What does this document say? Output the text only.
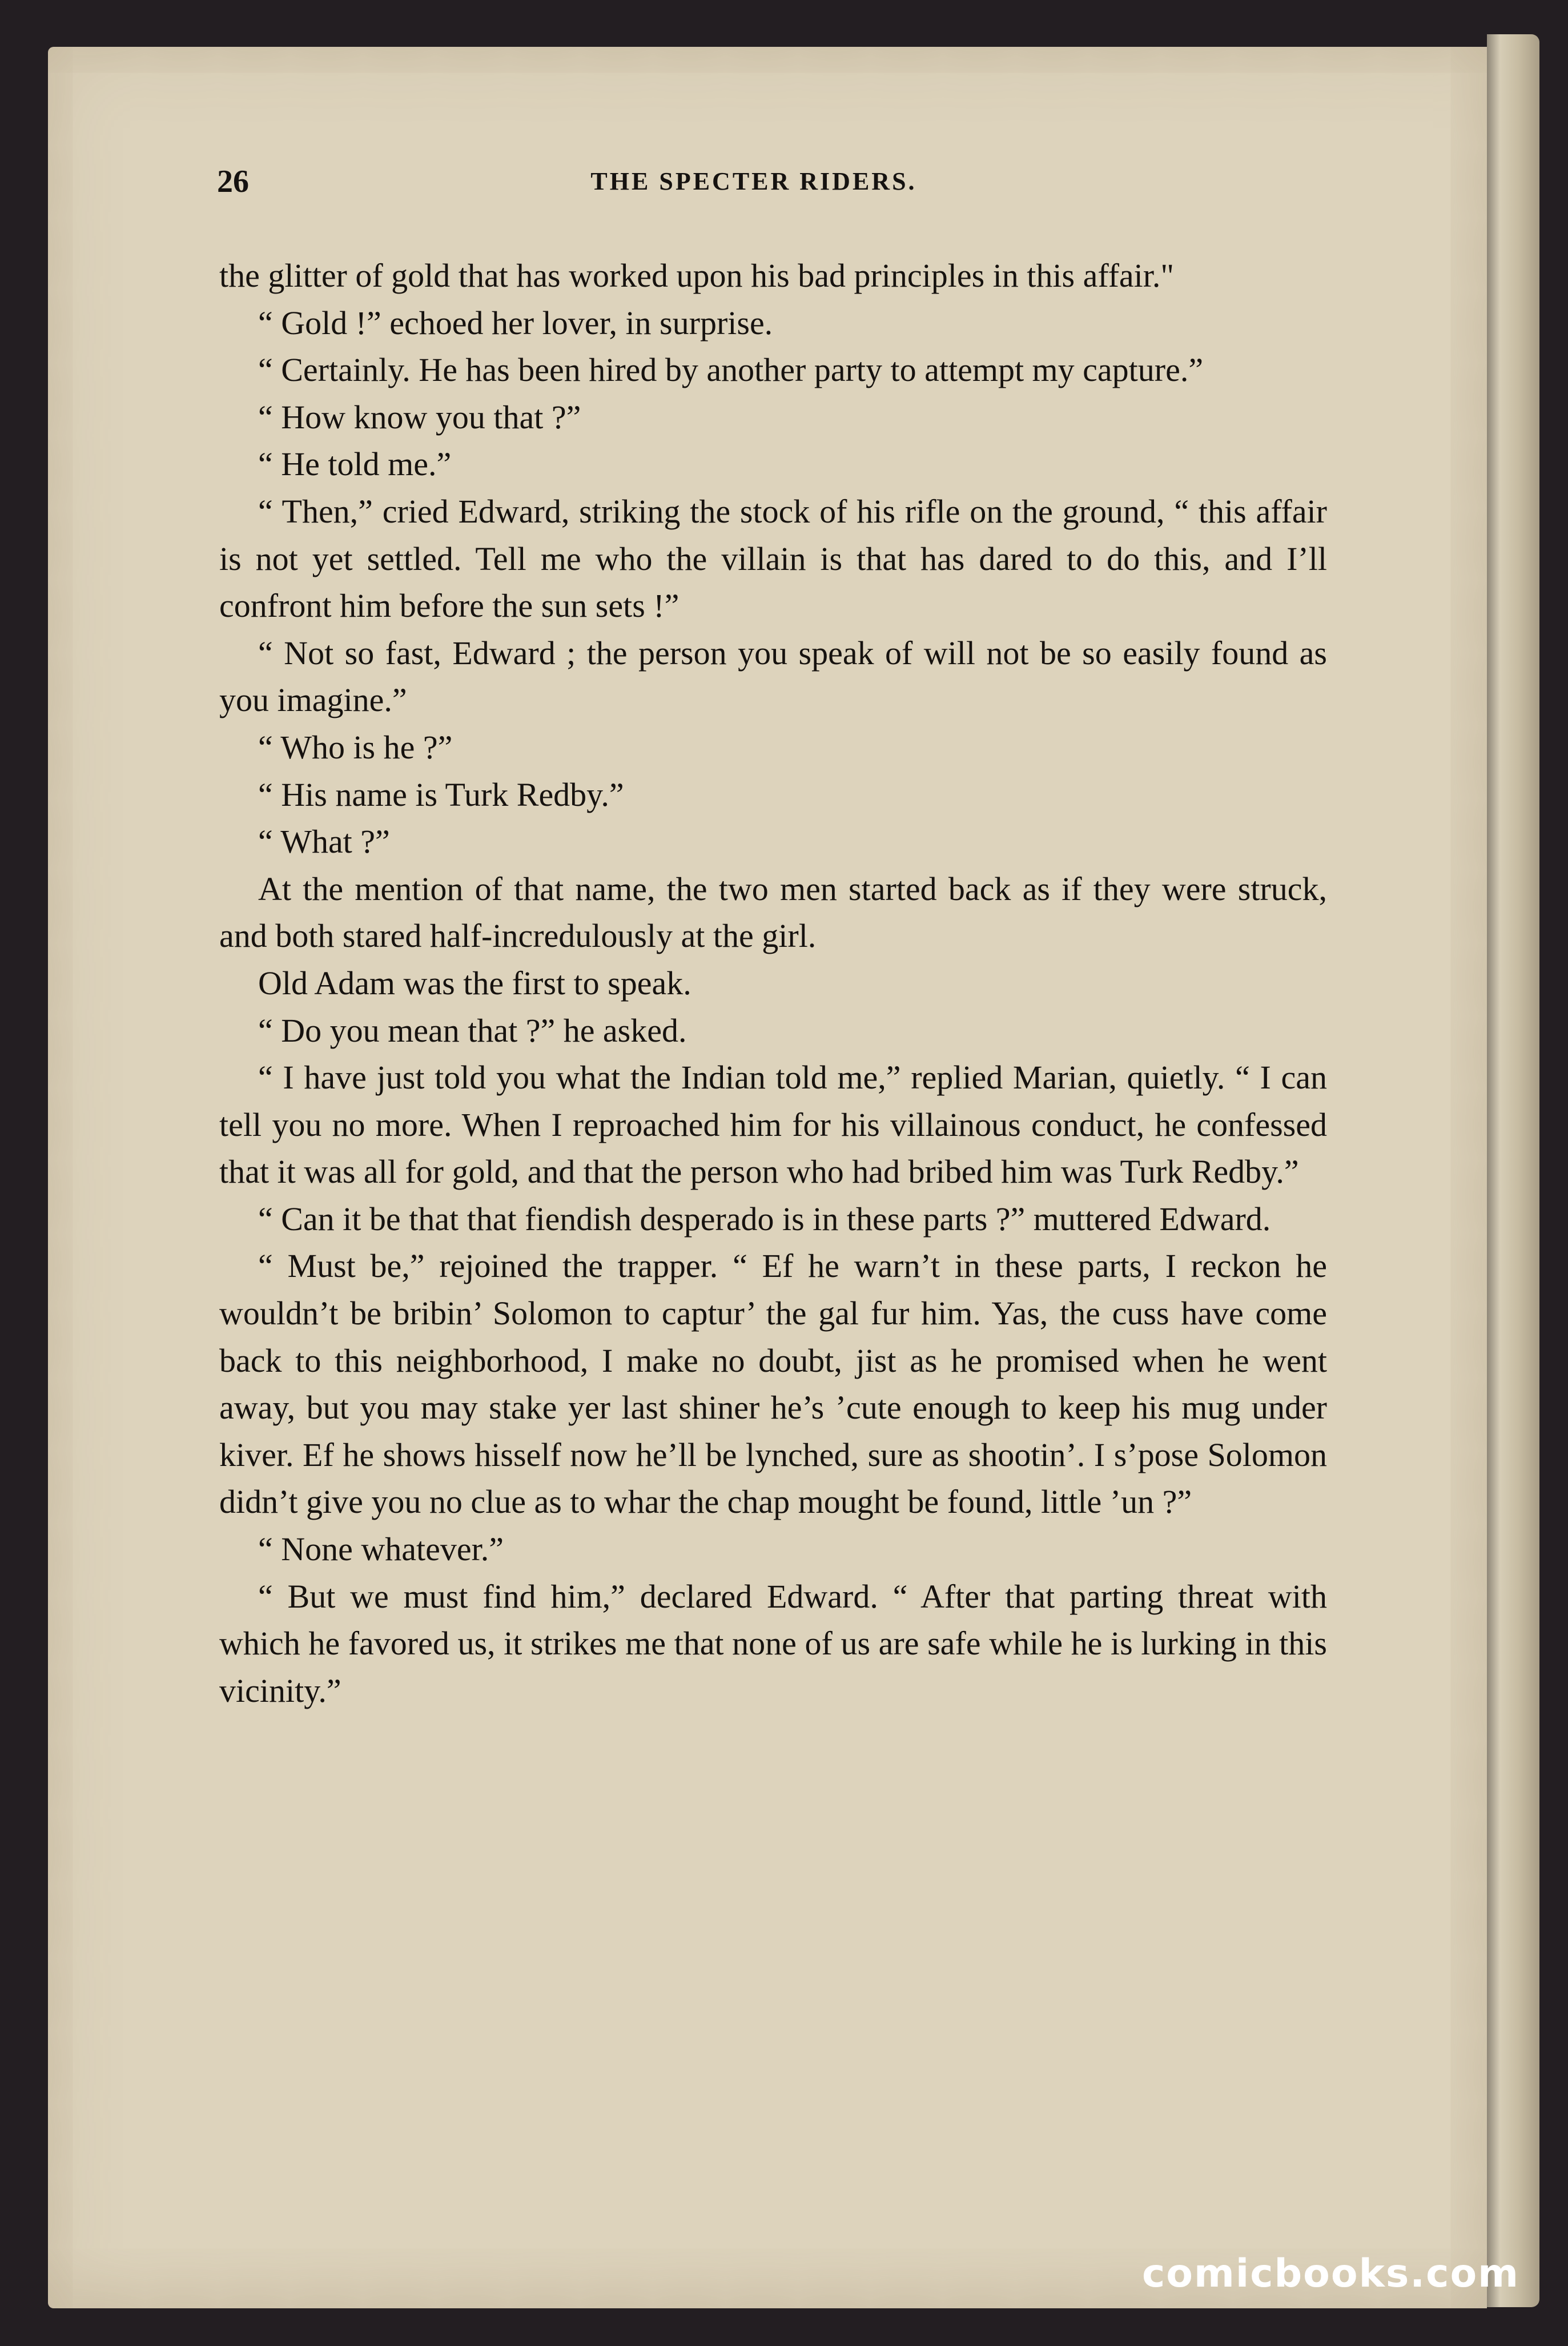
26	THE SPECTER RIDERS.

the glitter of gold that has worked upon his bad principles in this affair."

“ Gold !” echoed her lover, in surprise.

“ Certainly. He has been hired by another party to attempt my capture.”

“ How know you that ?”

“ He told me.”

“ Then,” cried Edward, striking the stock of his rifle on the ground, “ this affair is not yet settled. Tell me who the villain is that has dared to do this, and I’ll confront him before the sun sets !”

“ Not so fast, Edward ; the person you speak of will not be so easily found as you imagine.”

“ Who is he ?”

“ His name is Turk Redby.”

“ What ?”

At the mention of that name, the two men started back as if they were struck, and both stared half-incredulously at the girl.

Old Adam was the first to speak.

“ Do you mean that ?” he asked.

“ I have just told you what the Indian told me,” replied Marian, quietly. “ I can tell you no more. When I reproached him for his villainous conduct, he confessed that it was all for gold, and that the person who had bribed him was Turk Redby.”

“ Can it be that that fiendish desperado is in these parts ?” muttered Edward.

“ Must be,” rejoined the trapper. “ Ef he warn’t in these parts, I reckon he wouldn’t be bribin’ Solomon to captur’ the gal fur him. Yas, the cuss have come back to this neighborhood, I make no doubt, jist as he promised when he went away, but you may stake yer last shiner he’s ’cute enough to keep his mug under kiver. Ef he shows hisself now he’ll be lynched, sure as shootin’. I s’pose Solomon didn’t give you no clue as to whar the chap mought be found, little ’un ?”

“ None whatever.”

“ But we must find him,” declared Edward. “ After that parting threat with which he favored us, it strikes me that none of us are safe while he is lurking in this vicinity.”

comicbooks.com
